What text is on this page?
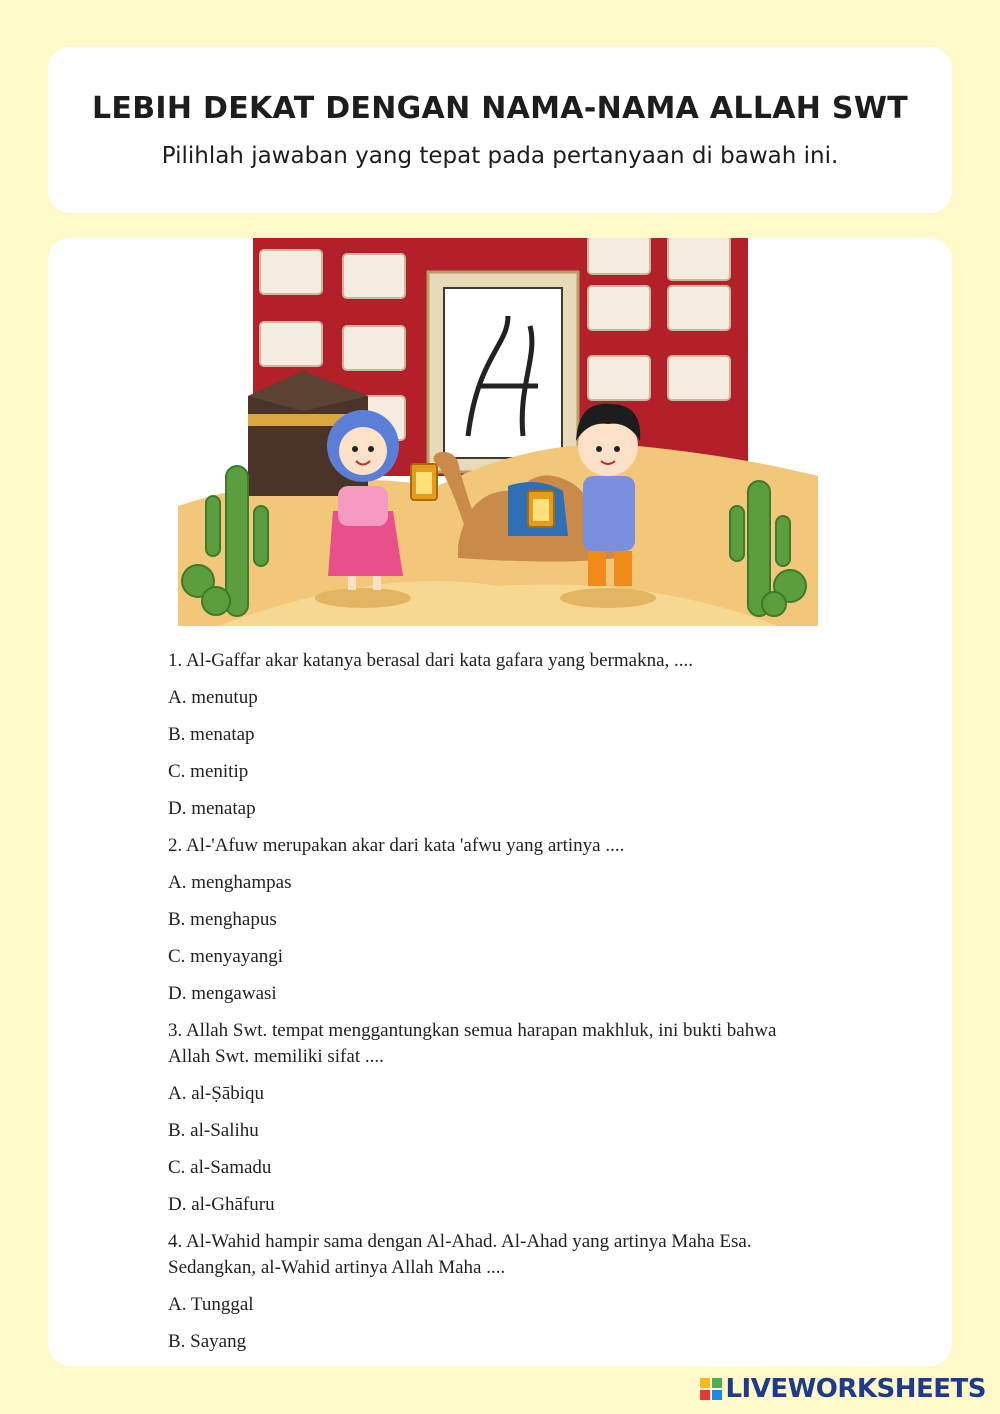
LEBIH DEKAT DENGAN NAMA-NAMA ALLAH SWT
Pilihlah jawaban yang tepat pada pertanyaan di bawah ini.
1. Al-Gaffar akar katanya berasal dari kata gafara yang bermakna, ....
A. menutup
B. menatap
C. menitip
D. menatap
2. Al-'Afuw merupakan akar dari kata 'afwu yang artinya ....
A. menghampas
B. menghapus
C. menyayangi
D. mengawasi
3. Allah Swt. tempat menggantungkan semua harapan makhluk, ini bukti bahwa Allah Swt. memiliki sifat ....
A. al-Ṣābiqu
B. al-Salihu
C. al-Samadu
D. al-Ghāfuru
4. Al-Wahid hampir sama dengan Al-Ahad. Al-Ahad yang artinya Maha Esa. Sedangkan, al-Wahid artinya Allah Maha ....
A. Tunggal
B. Sayang
LIVEWORKSHEETS
